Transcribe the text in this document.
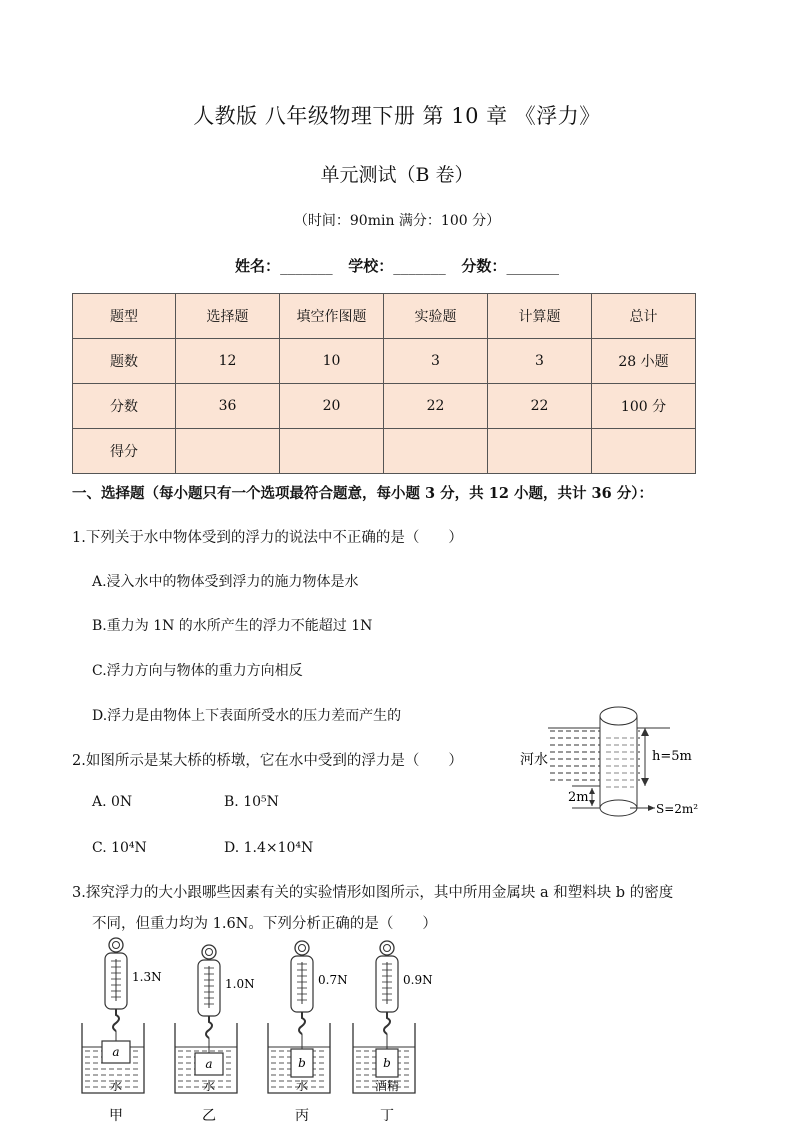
人教版 八年级物理下册 第 10 章 《浮力》
单元测试（B 卷）
（时间：90min 满分：100 分）
姓名：_______ 学校：_______ 分数：_______
题型	选择题	填空作图题	实验题	计算题	总计
题数	12	10	3	3	28 小题
分数	36	20	22	22	100 分
得分					
一、选择题（每小题只有一个选项最符合题意，每小题 3 分，共 12 小题，共计 36 分）：
1.下列关于水中物体受到的浮力的说法中不正确的是（　　）
A.浸入水中的物体受到浮力的施力物体是水
B.重力为 1N 的水所产生的浮力不能超过 1N
C.浮力方向与物体的重力方向相反
D.浮力是由物体上下表面所受水的压力差而产生的
2.如图所示是某大桥的桥墩，它在水中受到的浮力是（　　）
A. 0N	B. 10⁵N
C. 10⁴N	D. 1.4×10⁴N
河水	h=5m
2m
S=2m²
3.探究浮力的大小跟哪些因素有关的实验情形如图所示，其中所用金属块 a 和塑料块 b 的密度
不同，但重力均为 1.6N。下列分析正确的是（　　）
1.3N
a
水
甲
1.0N
a
水
乙
0.7N
b
水
丙
0.9N
b
酒精
丁
